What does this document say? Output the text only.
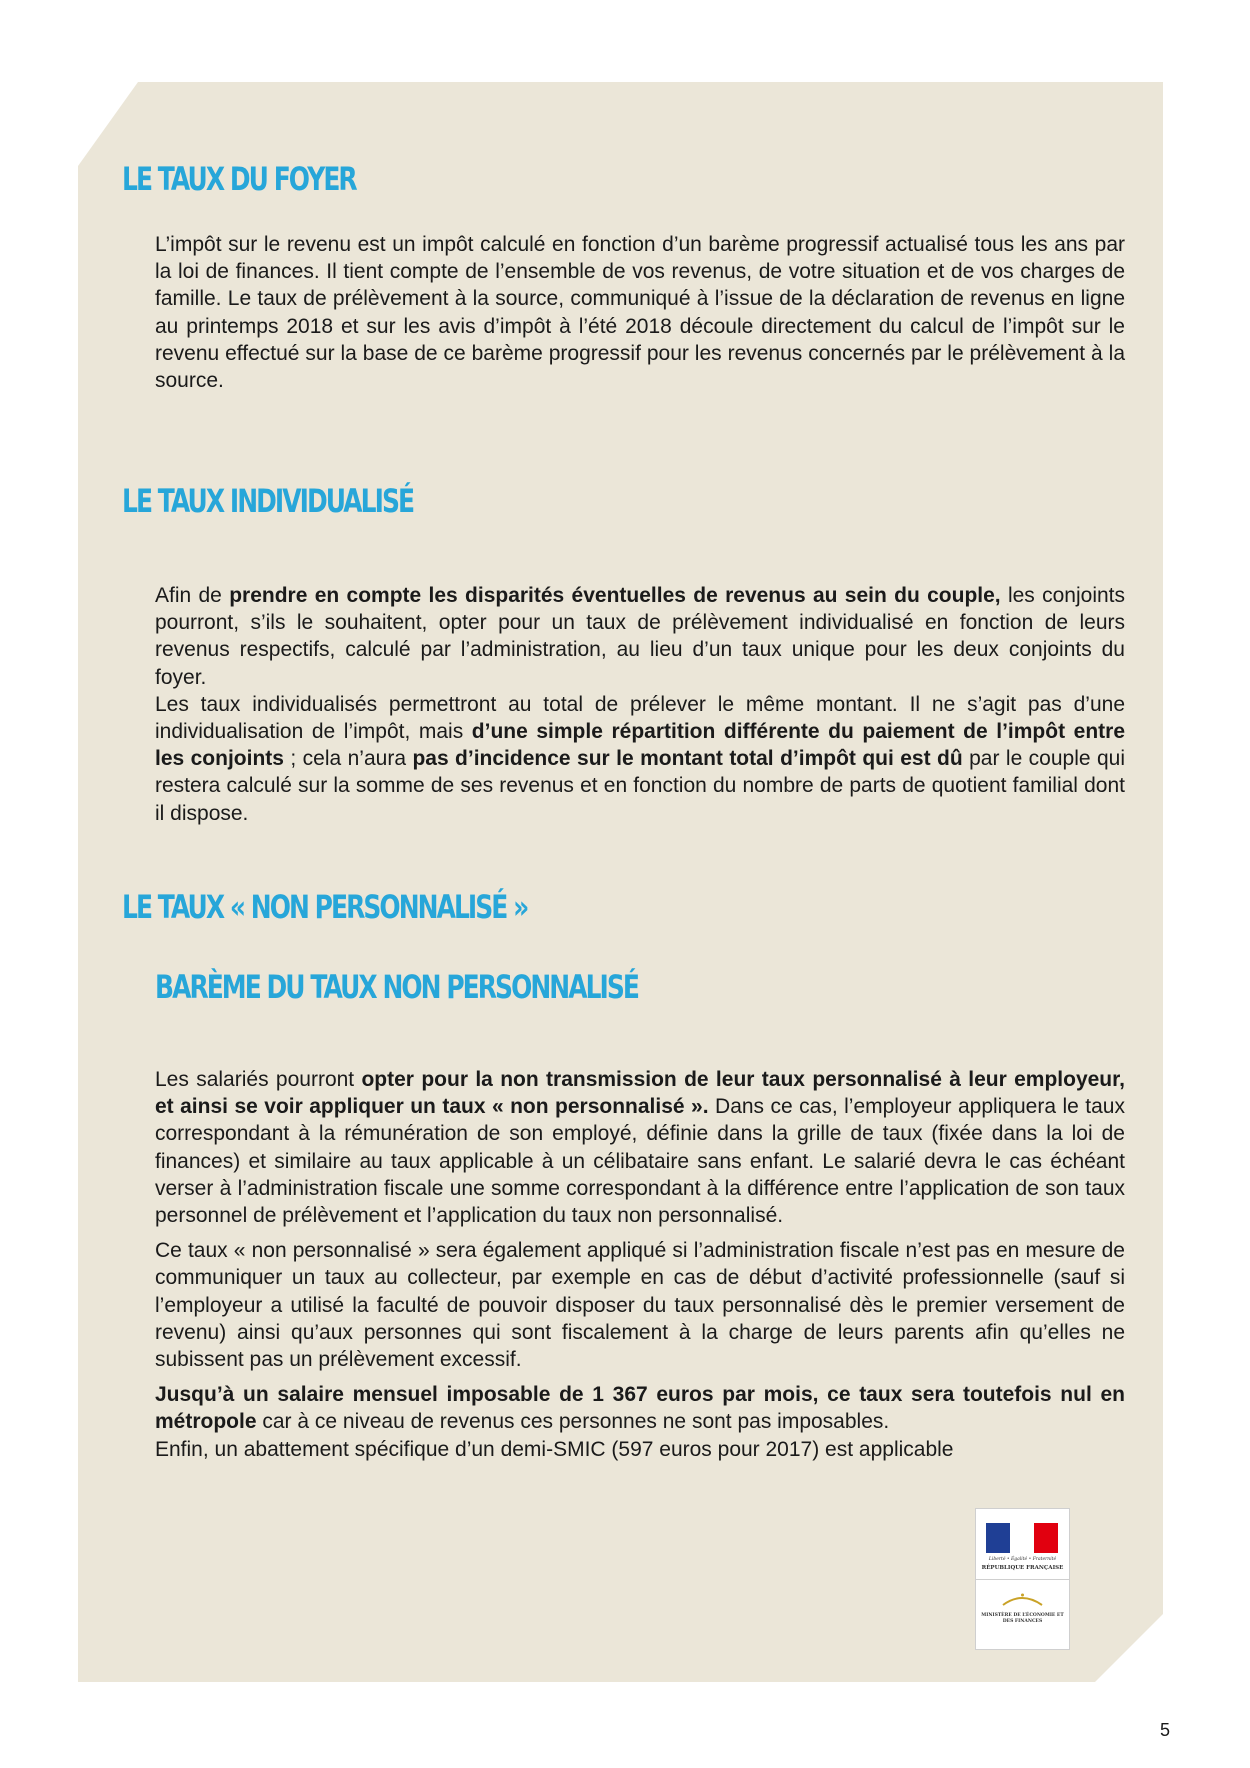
LE TAUX DU FOYER

L’impôt sur le revenu est un impôt calculé en fonction d’un barème progressif actualisé tous les ans par la loi de finances. Il tient compte de l’ensemble de vos revenus, de votre situation et de vos charges de famille. Le taux de prélèvement à la source, communiqué à l’issue de la déclaration de revenus en ligne au printemps 2018 et sur les avis d’impôt à l’été 2018 découle directement du calcul de l’impôt sur le revenu effectué sur la base de ce barème progressif pour les revenus concernés par le prélèvement à la source.

LE TAUX INDIVIDUALISÉ

Afin de prendre en compte les disparités éventuelles de revenus au sein du couple, les conjoints pourront, s’ils le souhaitent, opter pour un taux de prélèvement individualisé en fonction de leurs revenus respectifs, calculé par l’administration, au lieu d’un taux unique pour les deux conjoints du foyer.

Les taux individualisés permettront au total de prélever le même montant. Il ne s’agit pas d’une individualisation de l’impôt, mais d’une simple répartition différente du paiement de l’impôt entre les conjoints ; cela n’aura pas d’incidence sur le montant total d’impôt qui est dû par le couple qui restera calculé sur la somme de ses revenus et en fonction du nombre de parts de quotient familial dont il dispose.

LE TAUX « NON PERSONNALISÉ »
BARÈME DU TAUX NON PERSONNALISÉ

Les salariés pourront opter pour la non transmission de leur taux personnalisé à leur employeur, et ainsi se voir appliquer un taux « non personnalisé ». Dans ce cas, l’employeur appliquera le taux correspondant à la rémunération de son employé, définie dans la grille de taux (fixée dans la loi de finances) et similaire au taux applicable à un célibataire sans enfant. Le salarié devra le cas échéant verser à l’administration fiscale une somme correspondant à la différence entre l’application de son taux personnel de prélèvement et l’application du taux non personnalisé.

Ce taux « non personnalisé » sera également appliqué si l’administration fiscale n’est pas en mesure de communiquer un taux au collecteur, par exemple en cas de début d’activité professionnelle (sauf si l’employeur a utilisé la faculté de pouvoir disposer du taux personnalisé dès le premier versement de revenu) ainsi qu’aux personnes qui sont fiscalement à la charge de leurs parents afin qu’elles ne subissent pas un prélèvement excessif.

Jusqu’à un salaire mensuel imposable de 1 367 euros par mois, ce taux sera toutefois nul en métropole car à ce niveau de revenus ces personnes ne sont pas imposables.

Enfin, un abattement spécifique d’un demi-SMIC (597 euros pour 2017) est applicable

Liberté • Égalité • Fraternité
RÉPUBLIQUE FRANÇAISE
MINISTÈRE DE L’ÉCONOMIE ET DES FINANCES
5
